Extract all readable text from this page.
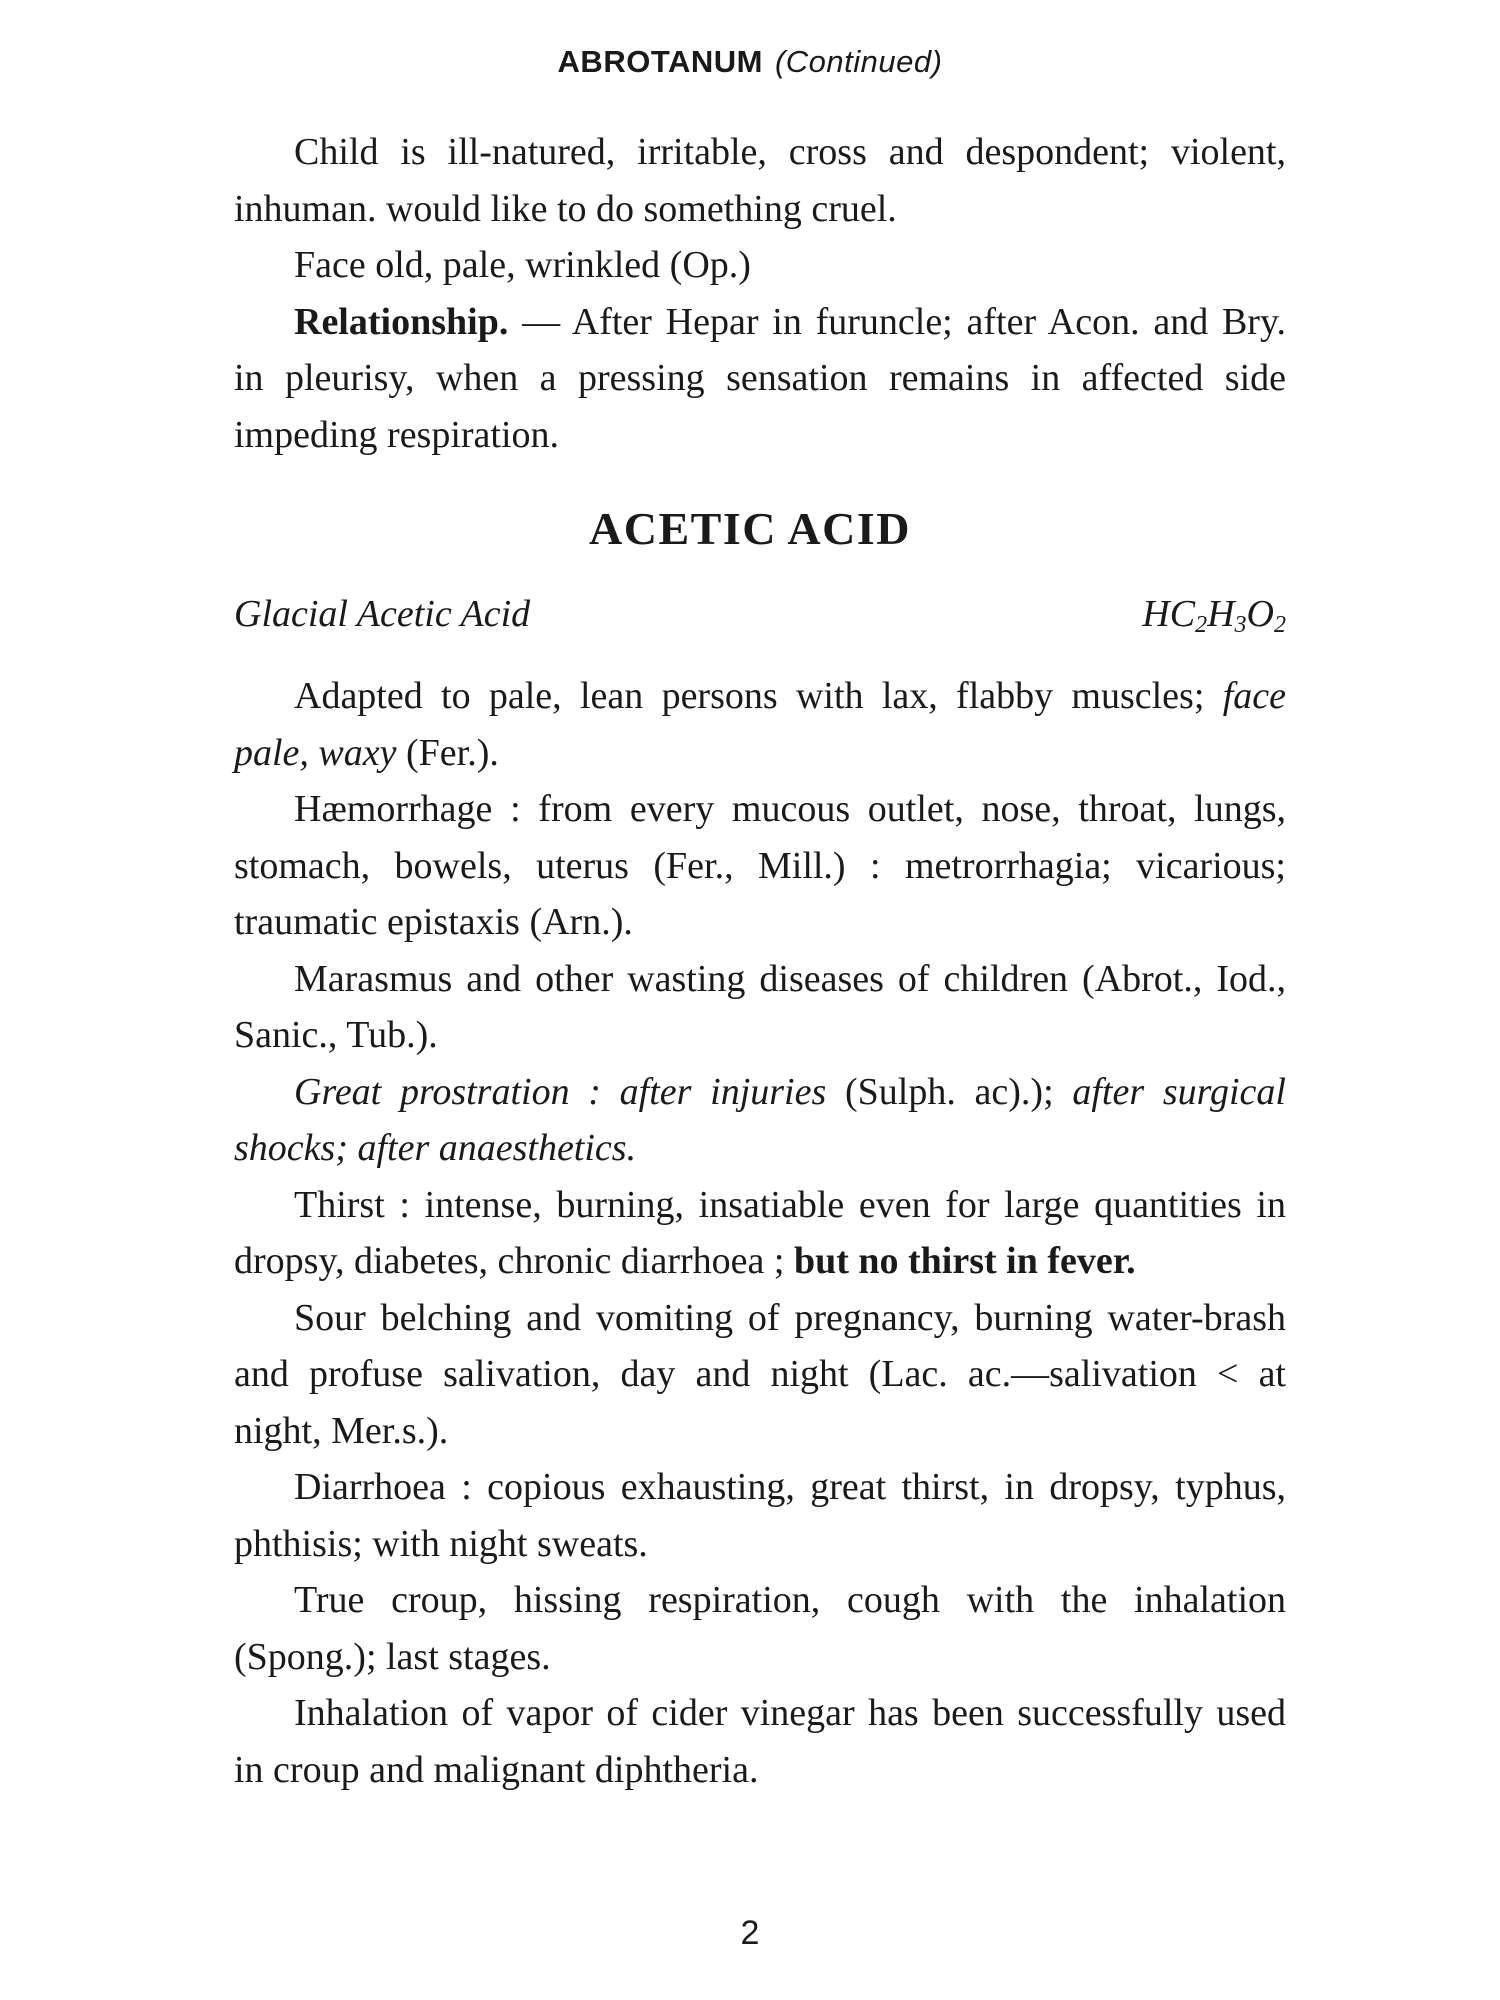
ABROTANUM (Continued)

Child is ill-natured, irritable, cross and despondent; violent, inhuman. would like to do something cruel.

Face old, pale, wrinkled (Op.)

Relationship. — After Hepar in furuncle; after Acon. and Bry. in pleurisy, when a pressing sensation remains in affected side impeding respiration.

ACETIC ACID
Glacial Acetic Acid	$HC_2H_3O_2$

Adapted to pale, lean persons with lax, flabby muscles; face pale, waxy (Fer.).

Hæmorrhage : from every mucous outlet, nose, throat, lungs, stomach, bowels, uterus (Fer., Mill.) : metrorrhagia; vicarious; traumatic epistaxis (Arn.).

Marasmus and other wasting diseases of children (Abrot., Iod., Sanic., Tub.).

Great prostration : after injuries (Sulph. ac).); after surgical shocks; after anaesthetics.

Thirst : intense, burning, insatiable even for large quantities in dropsy, diabetes, chronic diarrhoea ; but no thirst in fever.

Sour belching and vomiting of pregnancy, burning water-brash and profuse salivation, day and night (Lac. ac.—salivation < at night, Mer.s.).

Diarrhoea : copious exhausting, great thirst, in dropsy, typhus, phthisis; with night sweats.

True croup, hissing respiration, cough with the inhalation (Spong.); last stages.

Inhalation of vapor of cider vinegar has been successfully used in croup and malignant diphtheria.

2
